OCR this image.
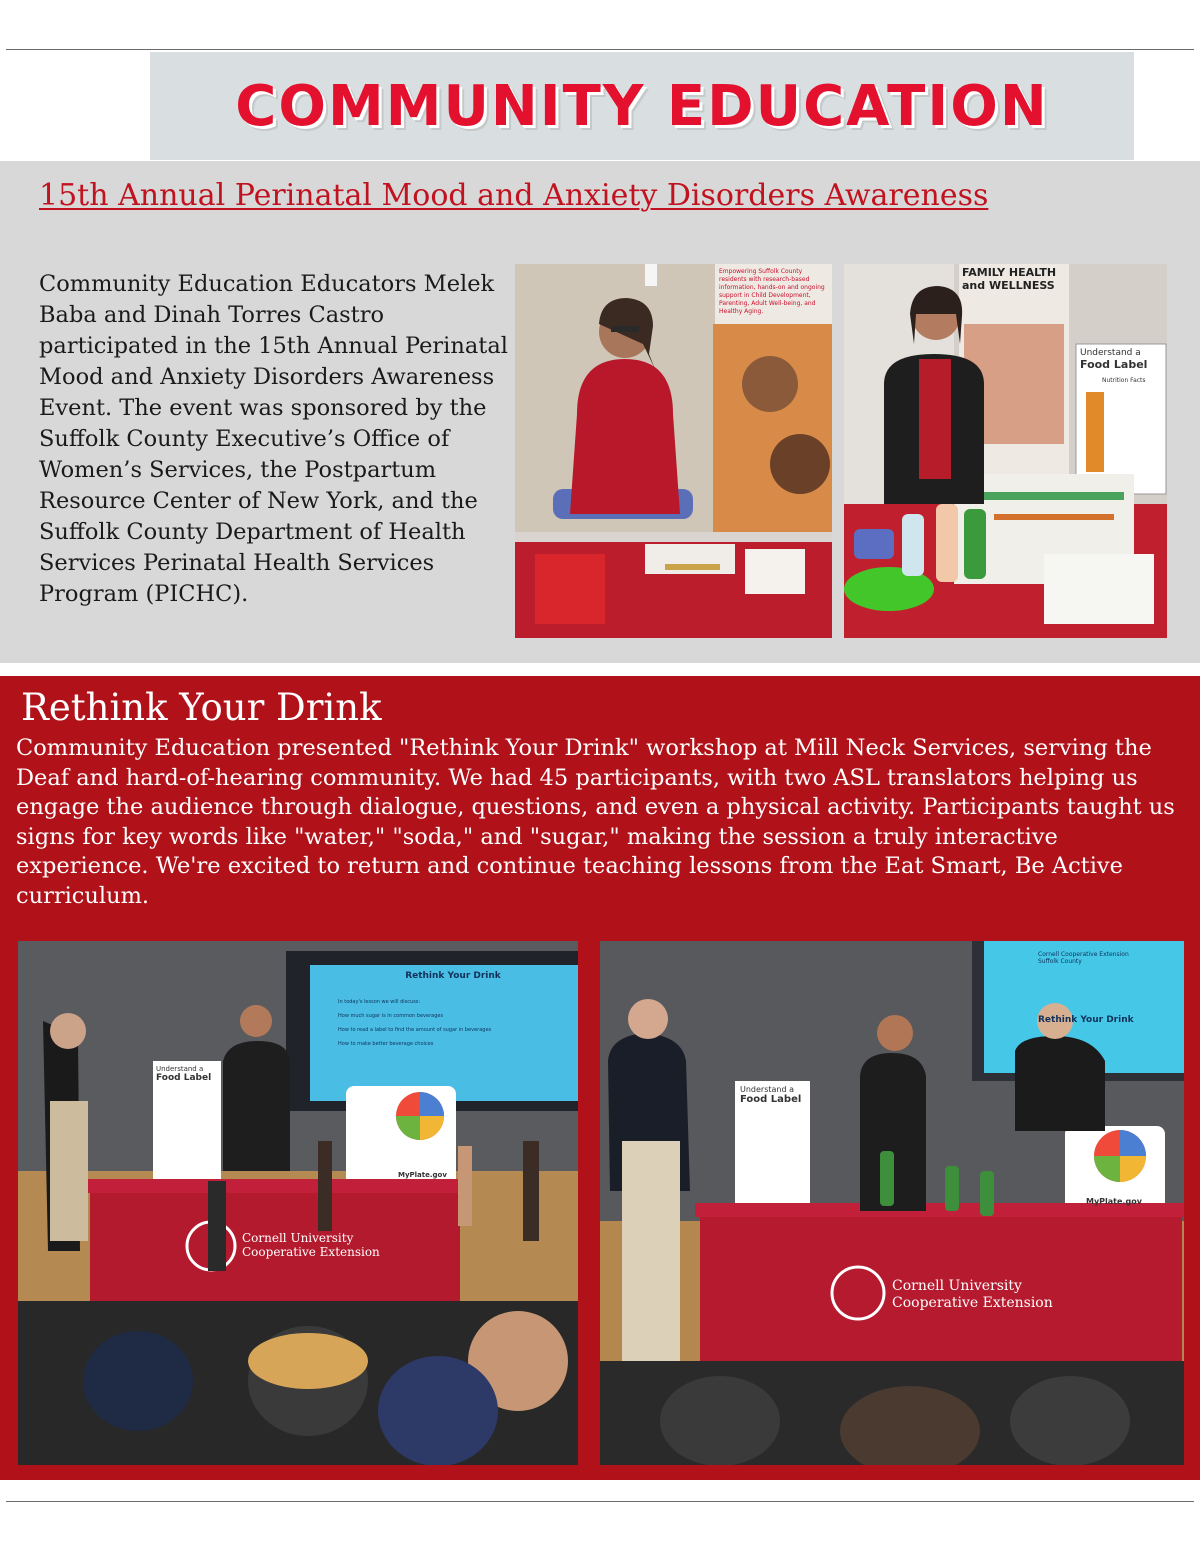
COMMUNITY EDUCATION
15th Annual Perinatal Mood and Anxiety Disorders Awareness
Community Education Educators Melek Baba and Dinah Torres Castro participated in the 15th Annual Perinatal Mood and Anxiety Disorders Awareness Event. The event was sponsored by the Suffolk County Executive’s Office of Women’s Services, the Postpartum Resource Center of New York, and the Suffolk County Department of Health Services Perinatal Health Services Program (PICHC).
Empowering Suffolk County residents with research-based information, hands-on and ongoing support in Child Development, Parenting, Adult Well-being, and Healthy Aging.
FAMILY HEALTH
and WELLNESS
Understand a
Food Label
Nutrition Facts
Rethink Your Drink
Community Education presented "Rethink Your Drink" workshop at Mill Neck Services, serving the Deaf and hard-of-hearing community. We had 45 participants, with two ASL translators helping us engage the audience through dialogue, questions, and even a physical activity. Participants taught us signs for key words like "water," "soda," and "sugar," making the session a truly interactive experience. We're excited to return and continue teaching lessons from the Eat Smart, Be Active curriculum.
Rethink Your Drink
In today's lesson we will discuss:
How much sugar is in common beverages
How to read a label to find the amount of sugar in beverages
How to make better beverage choices
Understand a
Food Label
MyPlate.gov
Cornell University
Cooperative Extension
Cornell Cooperative Extension
Suffolk County
Rethink Your Drink
Understand a
Food Label
MyPlate.gov
Cornell University
Cooperative Extension
